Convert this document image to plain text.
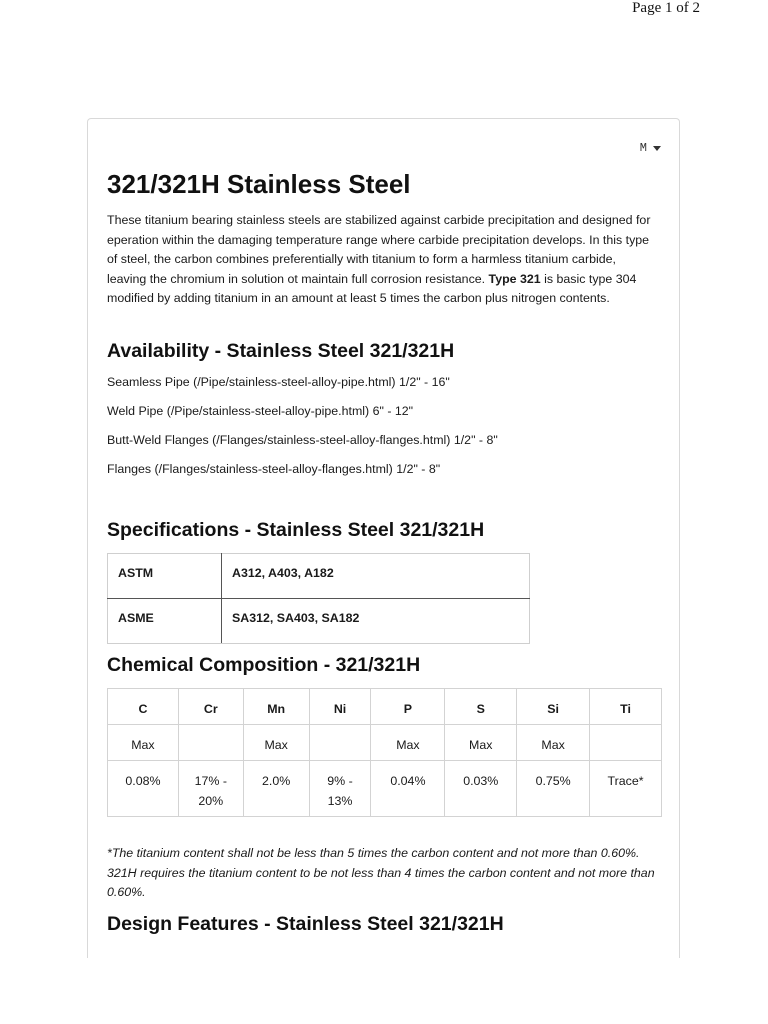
Page 1 of 2
M
321/321H Stainless Steel

These titanium bearing stainless steels are stabilized against carbide precipitation and designed for eperation within the damaging temperature range where carbide precipitation develops. In this type of steel, the carbon combines preferentially with titanium to form a harmless titanium carbide, leaving the chromium in solution ot maintain full corrosion resistance. Type 321 is basic type 304 modified by adding titanium in an amount at least 5 times the carbon plus nitrogen contents.

Availability - Stainless Steel 321/321H

Seamless Pipe (/Pipe/stainless-steel-alloy-pipe.html) 1/2" - 16"

Weld Pipe (/Pipe/stainless-steel-alloy-pipe.html) 6" - 12"

Butt-Weld Flanges (/Flanges/stainless-steel-alloy-flanges.html) 1/2" - 8"

Flanges (/Flanges/stainless-steel-alloy-flanges.html) 1/2" - 8"

Specifications - Stainless Steel 321/321H
ASTM	A312, A403, A182
ASME	SA312, SA403, SA182
Chemical Composition - 321/321H
C	Cr	Mn	Ni	P	S	Si	Ti
Max		Max		Max	Max	Max	
0.08%	17% - 20%	2.0%	9% - 13%	0.04%	0.03%	0.75%	Trace*

*The titanium content shall not be less than 5 times the carbon content and not more than 0.60%. 321H requires the titanium content to be not less than 4 times the carbon content and not more than 0.60%.

Design Features - Stainless Steel 321/321H
